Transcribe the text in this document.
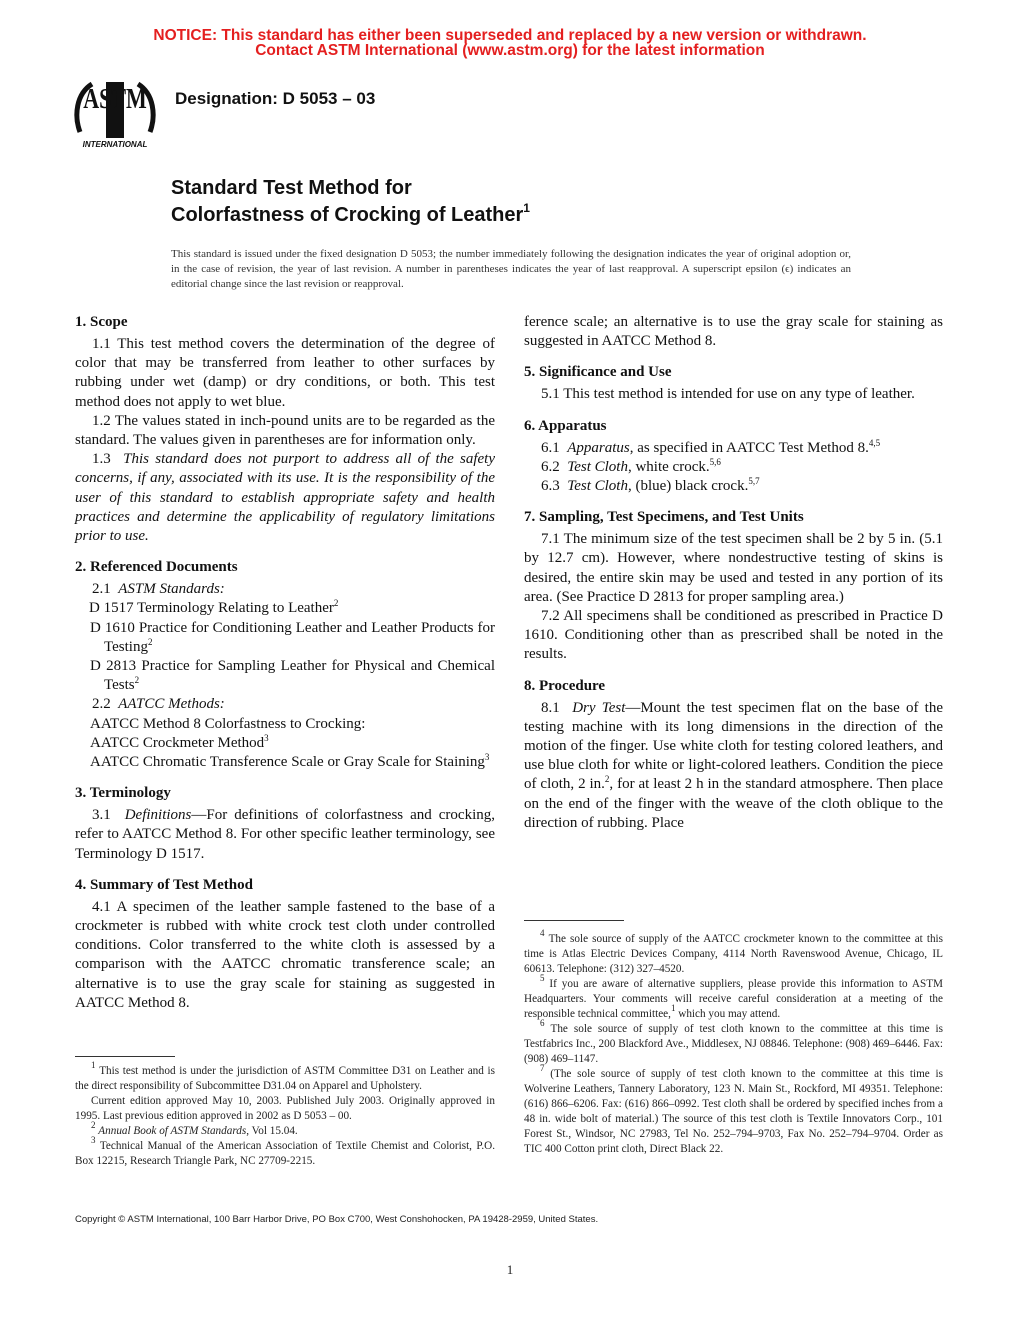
NOTICE: This standard has either been superseded and replaced by a new version or withdrawn.
Contact ASTM International (www.astm.org) for the latest information
ASTM
INTERNATIONAL
Designation: D 5053 – 03
Standard Test Method for
Colorfastness of Crocking of Leather$^1$
This standard is issued under the fixed designation D 5053; the number immediately following the designation indicates the year of original adoption or, in the case of revision, the year of last revision. A number in parentheses indicates the year of last reapproval. A superscript epsilon (ϵ) indicates an editorial change since the last revision or reapproval.
1. Scope

1.1 This test method covers the determination of the degree of color that may be transferred from leather to other surfaces by rubbing under wet (damp) or dry conditions, or both. This test method does not apply to wet blue.

1.2 The values stated in inch-pound units are to be regarded as the standard. The values given in parentheses are for information only.

1.3 This standard does not purport to address all of the safety concerns, if any, associated with its use. It is the responsibility of the user of this standard to establish appropriate safety and health practices and determine the applicability of regulatory limitations prior to use.

2. Referenced Documents

2.1 ASTM Standards:

D 1517 Terminology Relating to Leather$^2$

D 1610 Practice for Conditioning Leather and Leather Products for Testing$^2$

D 2813 Practice for Sampling Leather for Physical and Chemical Tests$^2$

2.2 AATCC Methods:

AATCC Method 8 Colorfastness to Crocking:

AATCC Crockmeter Method$^3$

AATCC Chromatic Transference Scale or Gray Scale for Staining$^3$

3. Terminology

3.1 Definitions—For definitions of colorfastness and crocking, refer to AATCC Method 8. For other specific leather terminology, see Terminology D 1517.

4. Summary of Test Method

4.1 A specimen of the leather sample fastened to the base of a crockmeter is rubbed with white crock test cloth under controlled conditions. Color transferred to the white cloth is assessed by a comparison with the AATCC chromatic transference scale; an alternative is to use the gray scale for staining as suggested in AATCC Method 8.

ference scale; an alternative is to use the gray scale for staining as suggested in AATCC Method 8.

5. Significance and Use

5.1 This test method is intended for use on any type of leather.

6. Apparatus

6.1 Apparatus, as specified in AATCC Test Method 8.$^{4,5}$

6.2 Test Cloth, white crock.$^{5,6}$

6.3 Test Cloth, (blue) black crock.$^{5,7}$

7. Sampling, Test Specimens, and Test Units

7.1 The minimum size of the test specimen shall be 2 by 5 in. (5.1 by 12.7 cm). However, where nondestructive testing of skins is desired, the entire skin may be used and tested in any portion of its area. (See Practice D 2813 for proper sampling area.)

7.2 All specimens shall be conditioned as prescribed in Practice D 1610. Conditioning other than as prescribed shall be noted in the results.

8. Procedure

8.1 Dry Test—Mount the test specimen flat on the base of the testing machine with its long dimensions in the direction of the motion of the finger. Use white cloth for testing colored leathers, and use blue cloth for white or light-colored leathers. Condition the piece of cloth, 2 in.$^2$, for at least 2 h in the standard atmosphere. Then place on the end of the finger with the weave of the cloth oblique to the direction of rubbing. Place

$^1$ This test method is under the jurisdiction of ASTM Committee D31 on Leather and is the direct responsibility of Subcommittee D31.04 on Apparel and Upholstery.

Current edition approved May 10, 2003. Published July 2003. Originally approved in 1995. Last previous edition approved in 2002 as D 5053 – 00.

$^2$ Annual Book of ASTM Standards, Vol 15.04.

$^3$ Technical Manual of the American Association of Textile Chemist and Colorist, P.O. Box 12215, Research Triangle Park, NC 27709-2215.

$^4$ The sole source of supply of the AATCC crockmeter known to the committee at this time is Atlas Electric Devices Company, 4114 North Ravenswood Avenue, Chicago, IL 60613. Telephone: (312) 327–4520.

$^5$ If you are aware of alternative suppliers, please provide this information to ASTM Headquarters. Your comments will receive careful consideration at a meeting of the responsible technical committee,$^1$ which you may attend.

$^6$ The sole source of supply of test cloth known to the committee at this time is Testfabrics Inc., 200 Blackford Ave., Middlesex, NJ 08846. Telephone: (908) 469–6446. Fax: (908) 469–1147.

$^7$ (The sole source of supply of test cloth known to the committee at this time is Wolverine Leathers, Tannery Laboratory, 123 N. Main St., Rockford, MI 49351. Telephone: (616) 866–6206. Fax: (616) 866–0992. Test cloth shall be ordered by specified inches from a 48 in. wide bolt of material.) The source of this test cloth is Textile Innovators Corp., 101 Forest St., Windsor, NC 27983, Tel No. 252–794–9703, Fax No. 252–794–9704. Order as TIC 400 Cotton print cloth, Direct Black 22.

Copyright © ASTM International, 100 Barr Harbor Drive, PO Box C700, West Conshohocken, PA 19428-2959, United States.
1
